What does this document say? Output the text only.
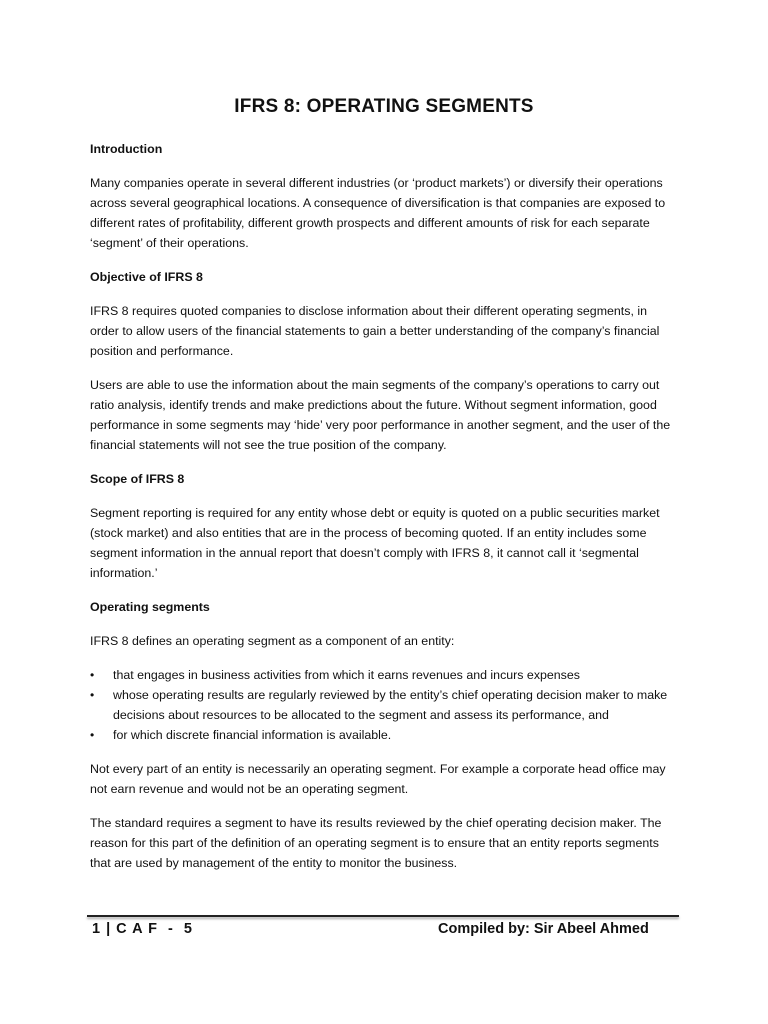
IFRS 8: OPERATING SEGMENTS
Introduction

Many companies operate in several different industries (or ‘product markets’) or diversify their operations across several geographical locations. A consequence of diversification is that companies are exposed to different rates of profitability, different growth prospects and different amounts of risk for each separate ‘segment’ of their operations.

Objective of IFRS 8

IFRS 8 requires quoted companies to disclose information about their different operating segments, in order to allow users of the financial statements to gain a better understanding of the company’s financial position and performance.

Users are able to use the information about the main segments of the company’s operations to carry out ratio analysis, identify trends and make predictions about the future. Without segment information, good performance in some segments may ‘hide’ very poor performance in another segment, and the user of the financial statements will not see the true position of the company.

Scope of IFRS 8

Segment reporting is required for any entity whose debt or equity is quoted on a public securities market (stock market) and also entities that are in the process of becoming quoted. If an entity includes some segment information in the annual report that doesn’t comply with IFRS 8, it cannot call it ‘segmental information.’

Operating segments

IFRS 8 defines an operating segment as a component of an entity:

• that engages in business activities from which it earns revenues and incurs expenses
• whose operating results are regularly reviewed by the entity’s chief operating decision maker to make decisions about resources to be allocated to the segment and assess its performance, and
• for which discrete financial information is available.

Not every part of an entity is necessarily an operating segment. For example a corporate head office may not earn revenue and would not be an operating segment.

The standard requires a segment to have its results reviewed by the chief operating decision maker. The reason for this part of the definition of an operating segment is to ensure that an entity reports segments that are used by management of the entity to monitor the business.

1 | C A F  -  5	Compiled by: Sir Abeel Ahmed
